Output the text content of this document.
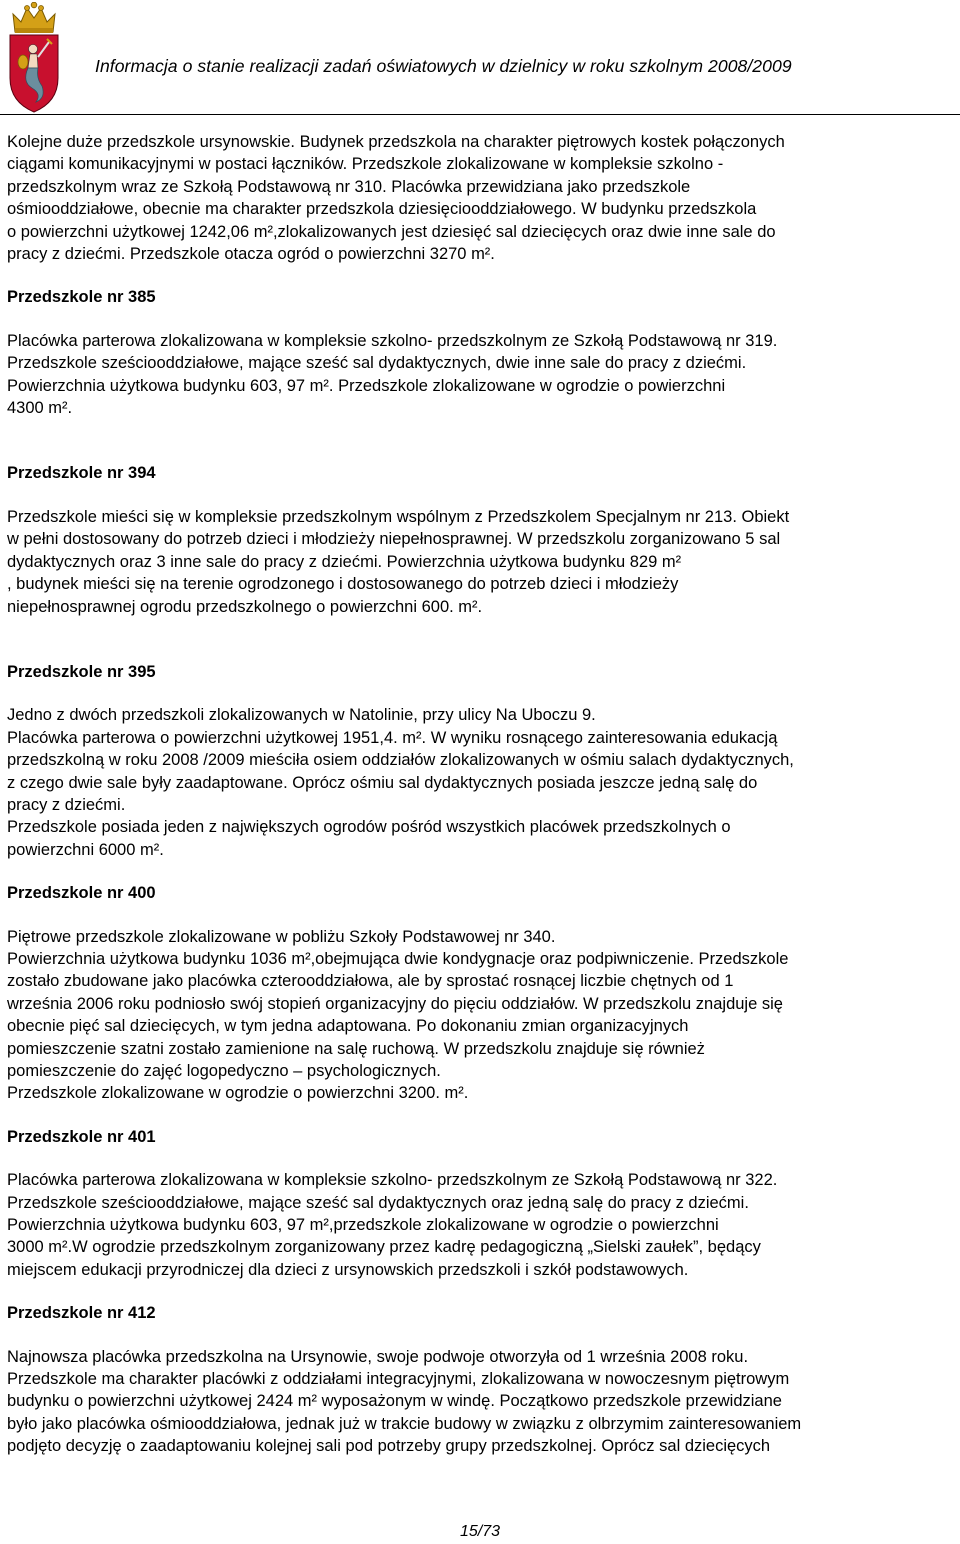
Informacja o stanie realizacji zadań oświatowych w dzielnicy w roku szkolnym 2008/2009

Kolejne duże przedszkole ursynowskie. Budynek przedszkola na charakter piętrowych kostek połączonych
ciągami komunikacyjnymi w postaci łączników. Przedszkole zlokalizowane w kompleksie szkolno -
przedszkolnym wraz ze Szkołą Podstawową nr 310. Placówka przewidziana jako przedszkole
ośmiooddziałowe, obecnie ma charakter przedszkola dziesięciooddziałowego. W budynku przedszkola
o powierzchni użytkowej 1242,06 m²,zlokalizowanych jest dziesięć sal dziecięcych oraz dwie inne sale do
pracy z dziećmi. Przedszkole otacza ogród o powierzchni 3270 m².

Przedszkole nr 385

Placówka parterowa zlokalizowana w kompleksie szkolno- przedszkolnym ze Szkołą Podstawową nr 319.
Przedszkole sześciooddziałowe, mające sześć sal dydaktycznych, dwie inne sale do pracy z dziećmi.
Powierzchnia użytkowa budynku 603, 97 m². Przedszkole zlokalizowane w ogrodzie o powierzchni
4300 m².

Przedszkole nr 394

Przedszkole mieści się w kompleksie przedszkolnym wspólnym z Przedszkolem Specjalnym nr 213. Obiekt
w pełni dostosowany do potrzeb dzieci i młodzieży niepełnosprawnej. W przedszkolu zorganizowano 5 sal
dydaktycznych oraz 3 inne sale do pracy z dziećmi. Powierzchnia użytkowa budynku 829 m²
, budynek mieści się na terenie ogrodzonego i dostosowanego do potrzeb dzieci i młodzieży
niepełnosprawnej ogrodu przedszkolnego o powierzchni 600. m².

Przedszkole nr 395

Jedno z dwóch przedszkoli zlokalizowanych w Natolinie, przy ulicy Na Uboczu 9.
Placówka parterowa o powierzchni użytkowej 1951,4. m². W wyniku rosnącego zainteresowania edukacją
przedszkolną w roku 2008 /2009 mieściła osiem oddziałów zlokalizowanych w ośmiu salach dydaktycznych,
z czego dwie sale były zaadaptowane. Oprócz ośmiu sal dydaktycznych posiada jeszcze jedną salę do
pracy z dziećmi.
Przedszkole posiada jeden z największych ogrodów pośród wszystkich placówek przedszkolnych o
powierzchni 6000 m².

Przedszkole nr 400

Piętrowe przedszkole zlokalizowane w pobliżu Szkoły Podstawowej nr 340.
Powierzchnia użytkowa budynku 1036 m²,obejmująca dwie kondygnacje oraz podpiwniczenie. Przedszkole
zostało zbudowane jako placówka czterooddziałowa, ale by sprostać rosnącej liczbie chętnych od 1
września 2006 roku podniosło swój stopień organizacyjny do pięciu oddziałów. W przedszkolu znajduje się
obecnie pięć sal dziecięcych, w tym jedna adaptowana. Po dokonaniu zmian organizacyjnych
pomieszczenie szatni zostało zamienione na salę ruchową. W przedszkolu znajduje się również
pomieszczenie do zajęć logopedyczno – psychologicznych.
Przedszkole zlokalizowane w ogrodzie o powierzchni 3200. m².

Przedszkole nr 401

Placówka parterowa zlokalizowana w kompleksie szkolno- przedszkolnym ze Szkołą Podstawową nr 322.
Przedszkole sześciooddziałowe, mające sześć sal dydaktycznych oraz jedną salę do pracy z dziećmi.
Powierzchnia użytkowa budynku 603, 97 m²,przedszkole zlokalizowane w ogrodzie o powierzchni
3000 m².W ogrodzie przedszkolnym zorganizowany przez kadrę pedagogiczną „Sielski zaułek”, będący
miejscem edukacji przyrodniczej dla dzieci z ursynowskich przedszkoli i szkół podstawowych.

Przedszkole nr 412

Najnowsza placówka przedszkolna na Ursynowie, swoje podwoje otworzyła od 1 września 2008 roku.
Przedszkole ma charakter placówki z oddziałami integracyjnymi, zlokalizowana w nowoczesnym piętrowym
budynku o powierzchni użytkowej 2424 m² wyposażonym w windę. Początkowo przedszkole przewidziane
było jako placówka ośmiooddziałowa, jednak już w trakcie budowy w związku z olbrzymim zainteresowaniem
podjęto decyzję o zaadaptowaniu kolejnej sali pod potrzeby grupy przedszkolnej. Oprócz sal dziecięcych

15/73
